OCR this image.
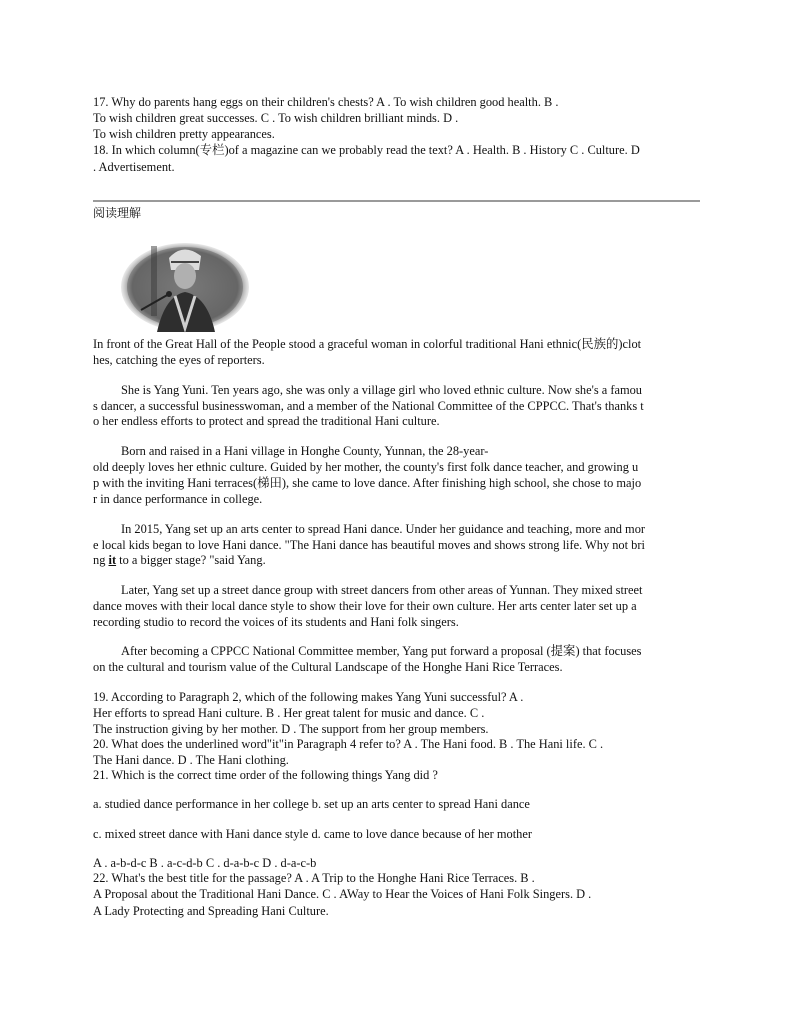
17. Why do parents hang eggs on their children's chests? A . To wish children good health. B .
To wish children great successes. C . To wish children brilliant minds. D .
To wish children pretty appearances.
18. In which column(专栏)of a magazine can we probably read the text? A . Health. B . History C . Culture. D
. Advertisement.
阅读理解
In front of the Great Hall of the People stood a graceful woman in colorful traditional Hani ethnic(民族的)clot
hes, catching the eyes of reporters.
She is Yang Yuni. Ten years ago, she was only a village girl who loved ethnic culture. Now she's a famou
s dancer, a successful businesswoman, and a member of the National Committee of the CPPCC. That's thanks t
o her endless efforts to protect and spread the traditional Hani culture.
Born and raised in a Hani village in Honghe County, Yunnan, the 28-year-
old deeply loves her ethnic culture. Guided by her mother, the county's first folk dance teacher, and growing u
p with the inviting Hani terraces(梯田), she came to love dance. After finishing high school, she chose to majo
r in dance performance in college.
In 2015, Yang set up an arts center to spread Hani dance. Under her guidance and teaching, more and mor
e local kids began to love Hani dance. "The Hani dance has beautiful moves and shows strong life. Why not bri
ng it to a bigger stage? "said Yang.
Later, Yang set up a street dance group with street dancers from other areas of Yunnan. They mixed street
dance moves with their local dance style to show their love for their own culture. Her arts center later set up a
recording studio to record the voices of its students and Hani folk singers.
After becoming a CPPCC National Committee member, Yang put forward a proposal (提案) that focuses
on the cultural and tourism value of the Cultural Landscape of the Honghe Hani Rice Terraces.
19. According to Paragraph 2, which of the following makes Yang Yuni successful? A .
Her efforts to spread Hani culture. B . Her great talent for music and dance. C .
The instruction giving by her mother. D . The support from her group members.
20. What does the underlined word"it"in Paragraph 4 refer to? A . The Hani food. B . The Hani life. C .
The Hani dance. D . The Hani clothing.
21. Which is the correct time order of the following things Yang did ?
a. studied dance performance in her college b. set up an arts center to spread Hani dance
c. mixed street dance with Hani dance style d. came to love dance because of her mother
A . a-b-d-c B . a-c-d-b C . d-a-b-c D . d-a-c-b
22. What's the best title for the passage? A . A Trip to the Honghe Hani Rice Terraces. B .
A Proposal about the Traditional Hani Dance. C . AWay to Hear the Voices of Hani Folk Singers. D .
A Lady Protecting and Spreading Hani Culture.
